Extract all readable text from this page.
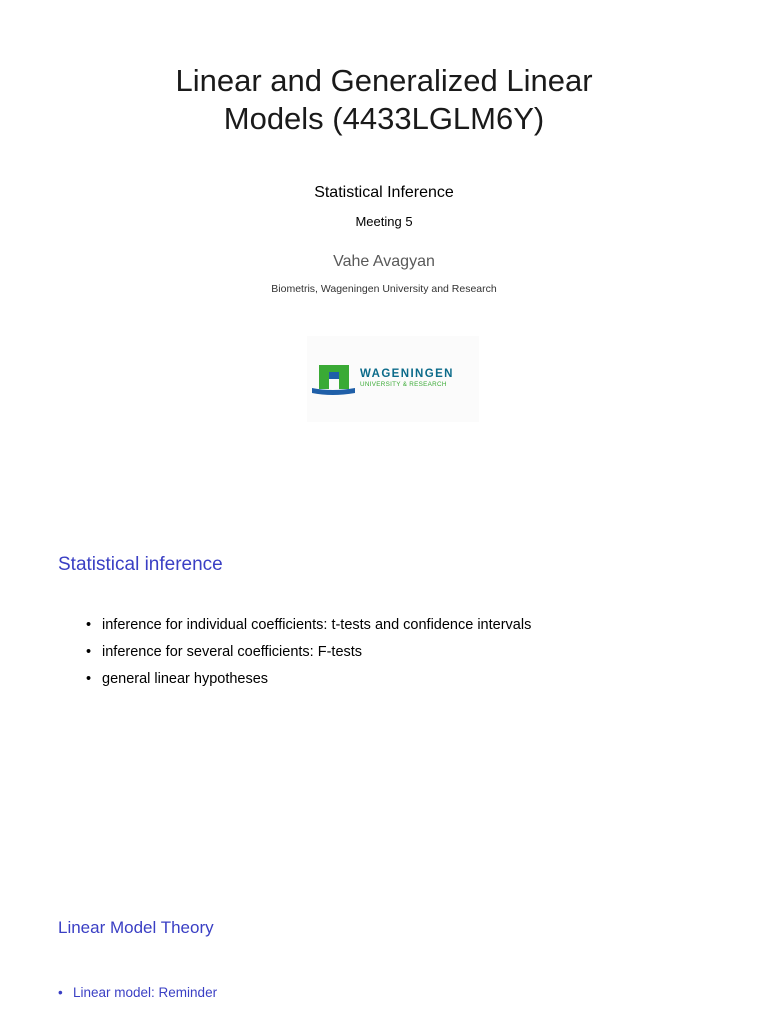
Linear and Generalized Linear
Models (4433LGLM6Y)
Statistical Inference
Meeting 5
Vahe Avagyan
Biometris, Wageningen University and Research
WAGENINGEN
UNIVERSITY & RESEARCH
Statistical inference
• inference for individual coefficients: t-tests and confidence intervals
• inference for several coefficients: F-tests
• general linear hypotheses
Linear Model Theory
• Linear model: Reminder
